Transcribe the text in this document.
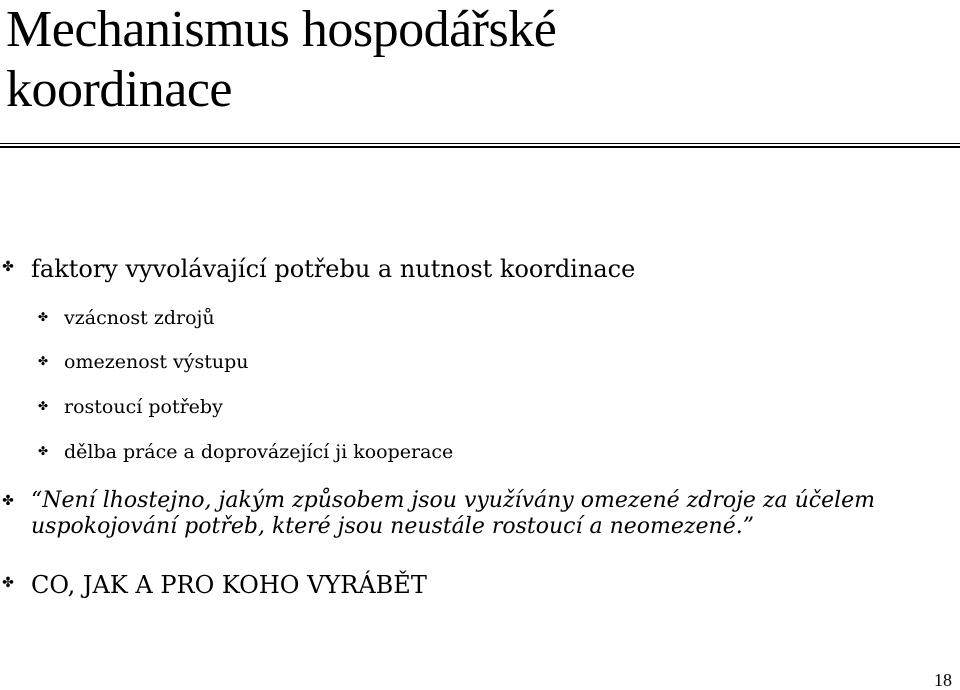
Mechanismus hospodářské
koordinace
✤ faktory vyvolávající potřebu a nutnost koordinace
✤ vzácnost zdrojů
✤ omezenost výstupu
✤ rostoucí potřeby
✤ dělba práce a doprovázející ji kooperace
✤ “Není lhostejno, jakým způsobem jsou využívány omezené zdroje za účelem
uspokojování potřeb, které jsou neustále rostoucí a neomezené.”
✤ CO, JAK A PRO KOHO VYRÁBĚT
18
